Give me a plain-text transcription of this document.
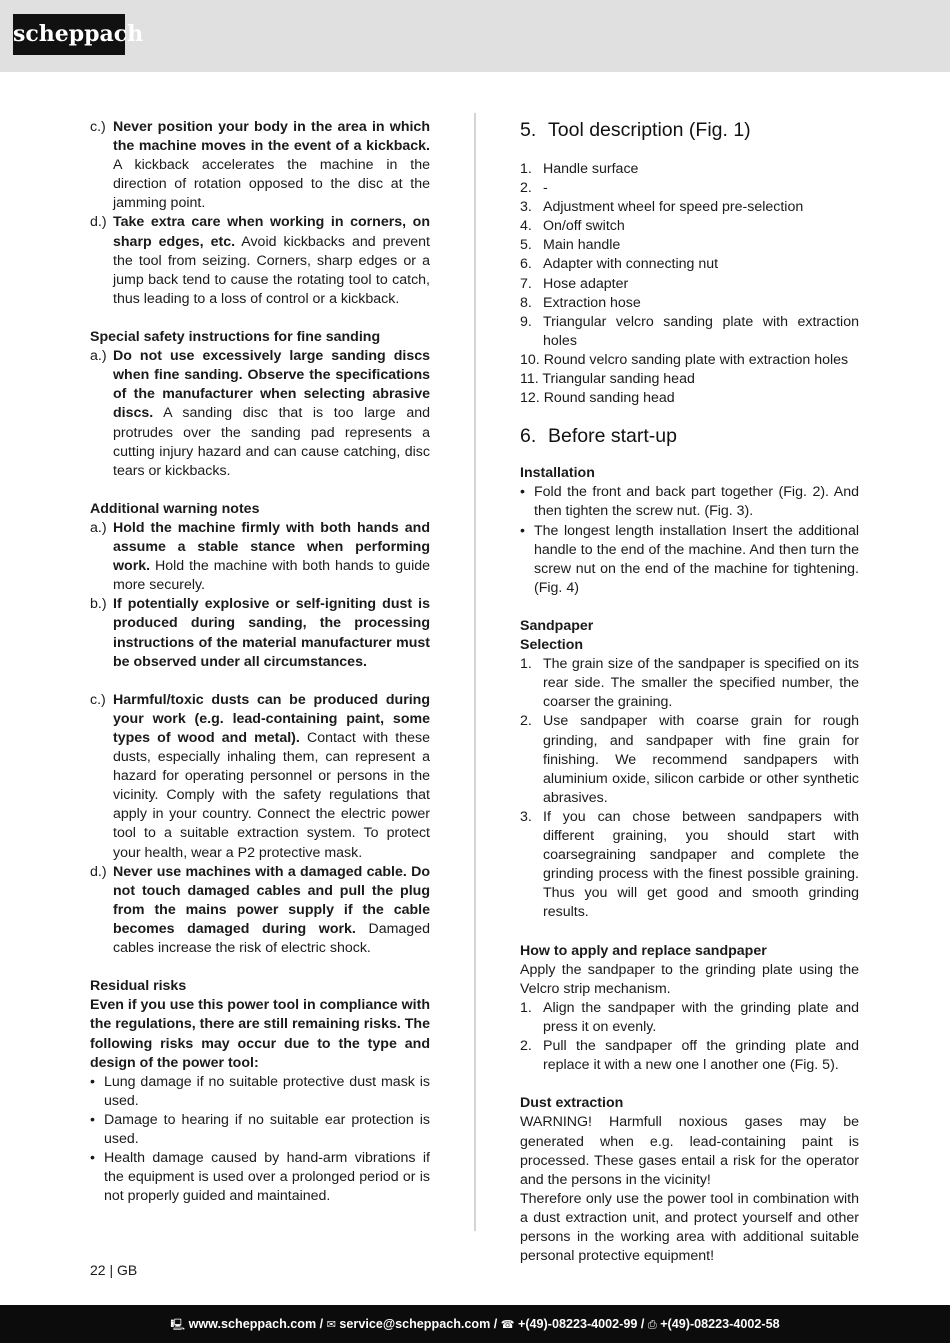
scheppach
c.) Never position your body in the area in which the machine moves in the event of a kickback. A kickback accelerates the machine in the direction of rotation opposed to the disc at the jamming point.
d.) Take extra care when working in corners, on sharp edges, etc. Avoid kickbacks and prevent the tool from seizing. Corners, sharp edges or a jump back tend to cause the rotating tool to catch, thus leading to a loss of control or a kickback.

Special safety instructions for fine sanding

a.) Do not use excessively large sanding discs when fine sanding. Observe the specifications of the manufacturer when selecting abrasive discs. A sanding disc that is too large and protrudes over the sanding pad represents a cutting injury hazard and can cause catching, disc tears or kickbacks.

Additional warning notes

a.) Hold the machine firmly with both hands and assume a stable stance when performing work. Hold the machine with both hands to guide more securely.
b.) If potentially explosive or self-igniting dust is produced during sanding, the processing instructions of the material manufacturer must be observed under all circumstances.
c.) Harmful/toxic dusts can be produced during your work (e.g. lead-containing paint, some types of wood and metal). Contact with these dusts, especially inhaling them, can represent a hazard for operating personnel or persons in the vicinity. Comply with the safety regulations that apply in your country. Connect the electric power tool to a suitable extraction system. To protect your health, wear a P2 protective mask.
d.) Never use machines with a damaged cable. Do not touch damaged cables and pull the plug from the mains power supply if the cable becomes damaged during work. Damaged cables increase the risk of electric shock.

Residual risks

Even if you use this power tool in compliance with the regulations, there are still remaining risks. The following risks may occur due to the type and design of the power tool:

• Lung damage if no suitable protective dust mask is used.
• Damage to hearing if no suitable ear protection is used.
• Health damage caused by hand-arm vibrations if the equipment is used over a prolonged period or is not properly guided and maintained.
5. Tool description (Fig. 1)
1. Handle surface
2. -
3. Adjustment wheel for speed pre-selection
4. On/off switch
5. Main handle
6. Adapter with connecting nut
7. Hose adapter
8. Extraction hose
9. Triangular velcro sanding plate with extraction holes

10. Round velcro sanding plate with extraction holes

11. Triangular sanding head

12. Round sanding head

6. Before start-up

Installation

• Fold the front and back part together (Fig. 2). And then tighten the screw nut. (Fig. 3).
• The longest length installation Insert the additional handle to the end of the machine. And then turn the screw nut on the end of the machine for tightening. (Fig. 4)

Sandpaper

Selection

1. The grain size of the sandpaper is specified on its rear side. The smaller the specified number, the coarser the graining.
2. Use sandpaper with coarse grain for rough grinding, and sandpaper with fine grain for finishing. We recommend sandpapers with aluminium oxide, silicon carbide or other synthetic abrasives.
3. If you can chose between sandpapers with different graining, you should start with coarsegraining sandpaper and complete the grinding process with the finest possible graining. Thus you will get good and smooth grinding results.

How to apply and replace sandpaper

Apply the sandpaper to the grinding plate using the Velcro strip mechanism.

1. Align the sandpaper with the grinding plate and press it on evenly.
2. Pull the sandpaper off the grinding plate and replace it with a new one l another one (Fig. 5).

Dust extraction

WARNING! Harmfull noxious gases may be generated when e.g. lead-containing paint is processed. These gases entail a risk for the operator and the persons in the vicinity!

Therefore only use the power tool in combination with a dust extraction unit, and protect yourself and other persons in the working area with additional suitable personal protective equipment!

22 | GB
🖳 www.scheppach.com / ✉ service@scheppach.com / ☎ +(49)-08223-4002-99 / ⎙ +(49)-08223-4002-58
